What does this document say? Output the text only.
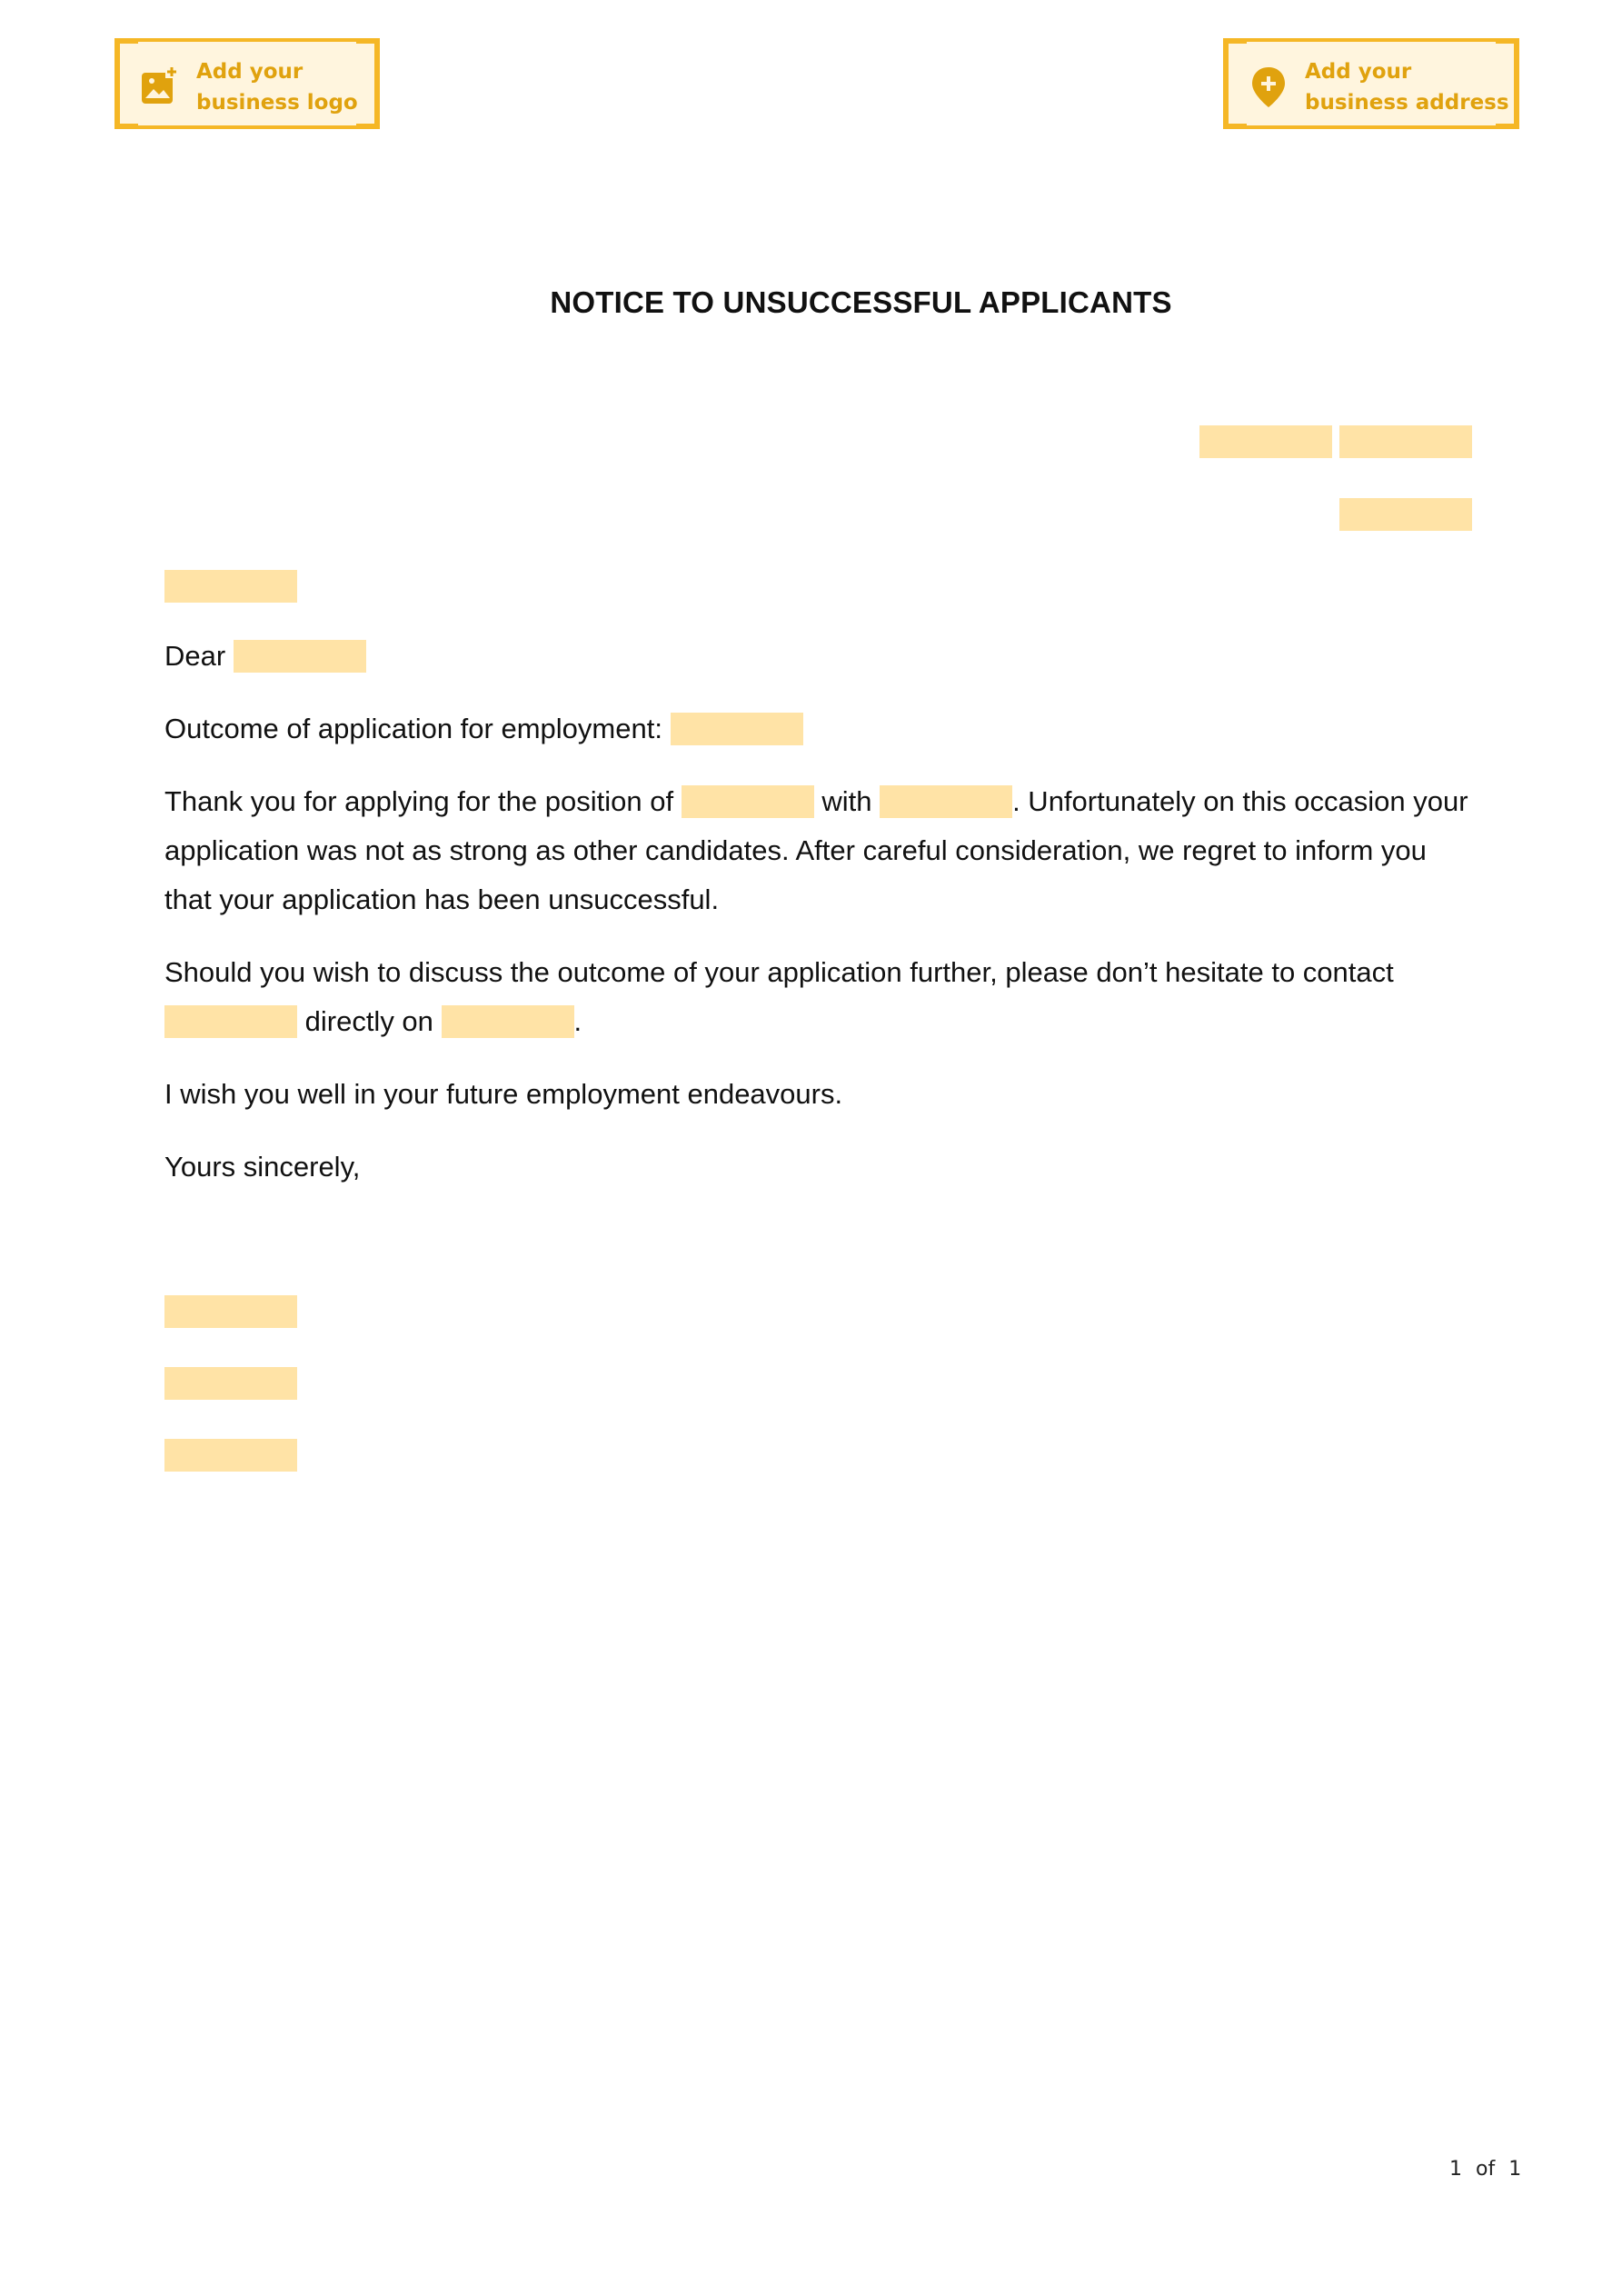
Add your
business logo
Add your
business address
NOTICE TO UNSUCCESSFUL APPLICANTS
Dear
Outcome of application for employment:
Thank you for applying for the position of	with	. Unfortunately on this occasion your application was not as strong as other candidates. After careful consideration, we regret to inform you that your application has been unsuccessful.
Should you wish to discuss the outcome of your application further, please don’t hesitate to contact  directly on	.
I wish you well in your future employment endeavours.
Yours sincerely,
1 of 1
